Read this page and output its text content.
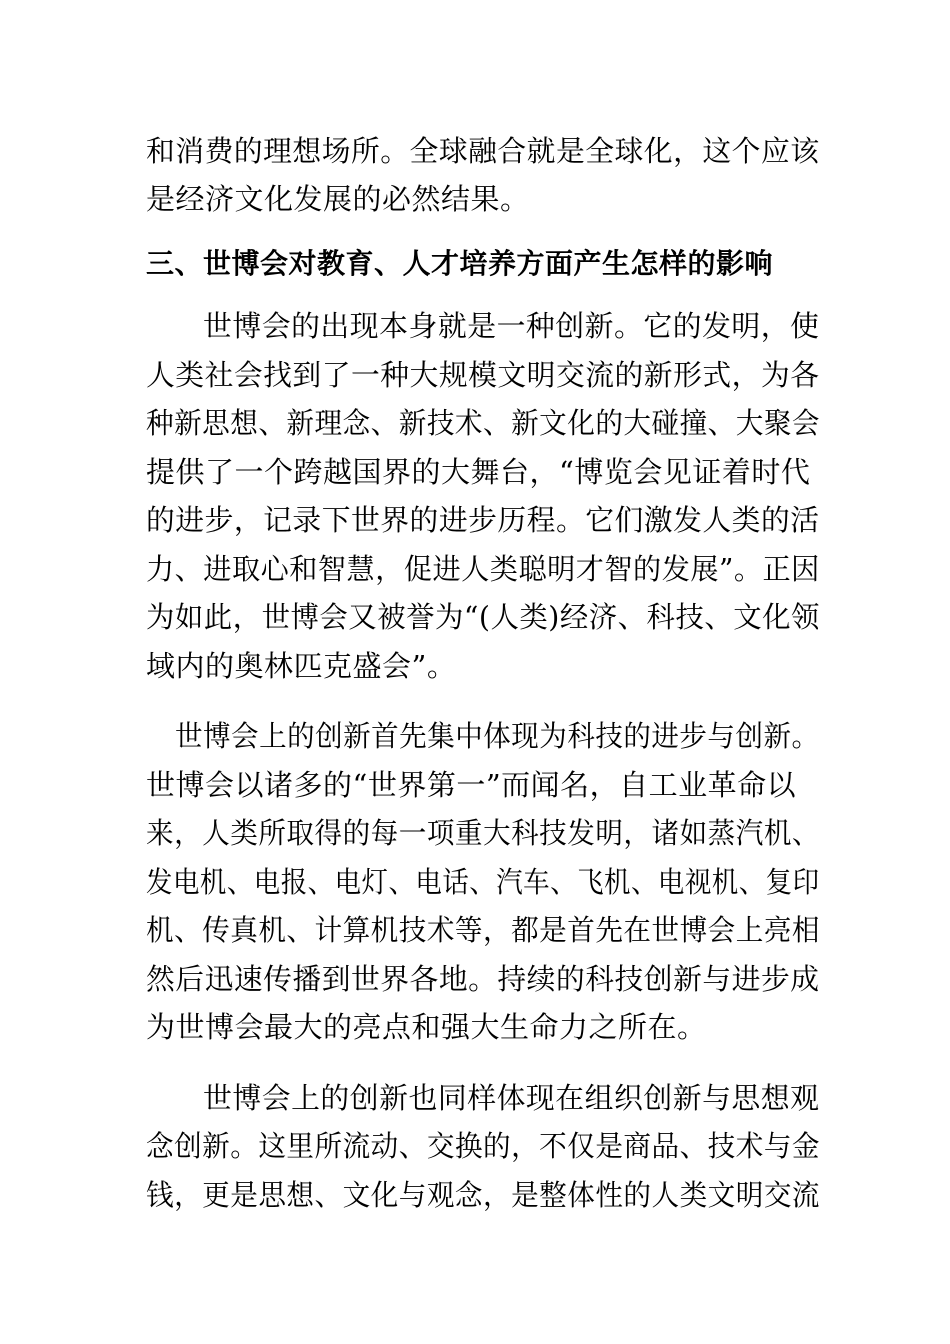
和消费的理想场所。全球融合就是全球化，这个应该
是经济文化发展的必然结果。
三、世博会对教育、人才培养方面产生怎样的影响
世博会的出现本身就是一种创新。它的发明，使
人类社会找到了一种大规模文明交流的新形式，为各
种新思想、新理念、新技术、新文化的大碰撞、大聚会
提供了一个跨越国界的大舞台，“博览会见证着时代
的进步，记录下世界的进步历程。它们激发人类的活
力、进取心和智慧，促进人类聪明才智的发展”。正因
为如此，世博会又被誉为“(人类)经济、科技、文化领
域内的奥林匹克盛会”。
世博会上的创新首先集中体现为科技的进步与创新。
世博会以诸多的“世界第一”而闻名，自工业革命以
来，人类所取得的每一项重大科技发明，诸如蒸汽机、
发电机、电报、电灯、电话、汽车、飞机、电视机、复印
机、传真机、计算机技术等，都是首先在世博会上亮相
然后迅速传播到世界各地。持续的科技创新与进步成
为世博会最大的亮点和强大生命力之所在。
世博会上的创新也同样体现在组织创新与思想观
念创新。这里所流动、交换的，不仅是商品、技术与金
钱，更是思想、文化与观念，是整体性的人类文明交流
